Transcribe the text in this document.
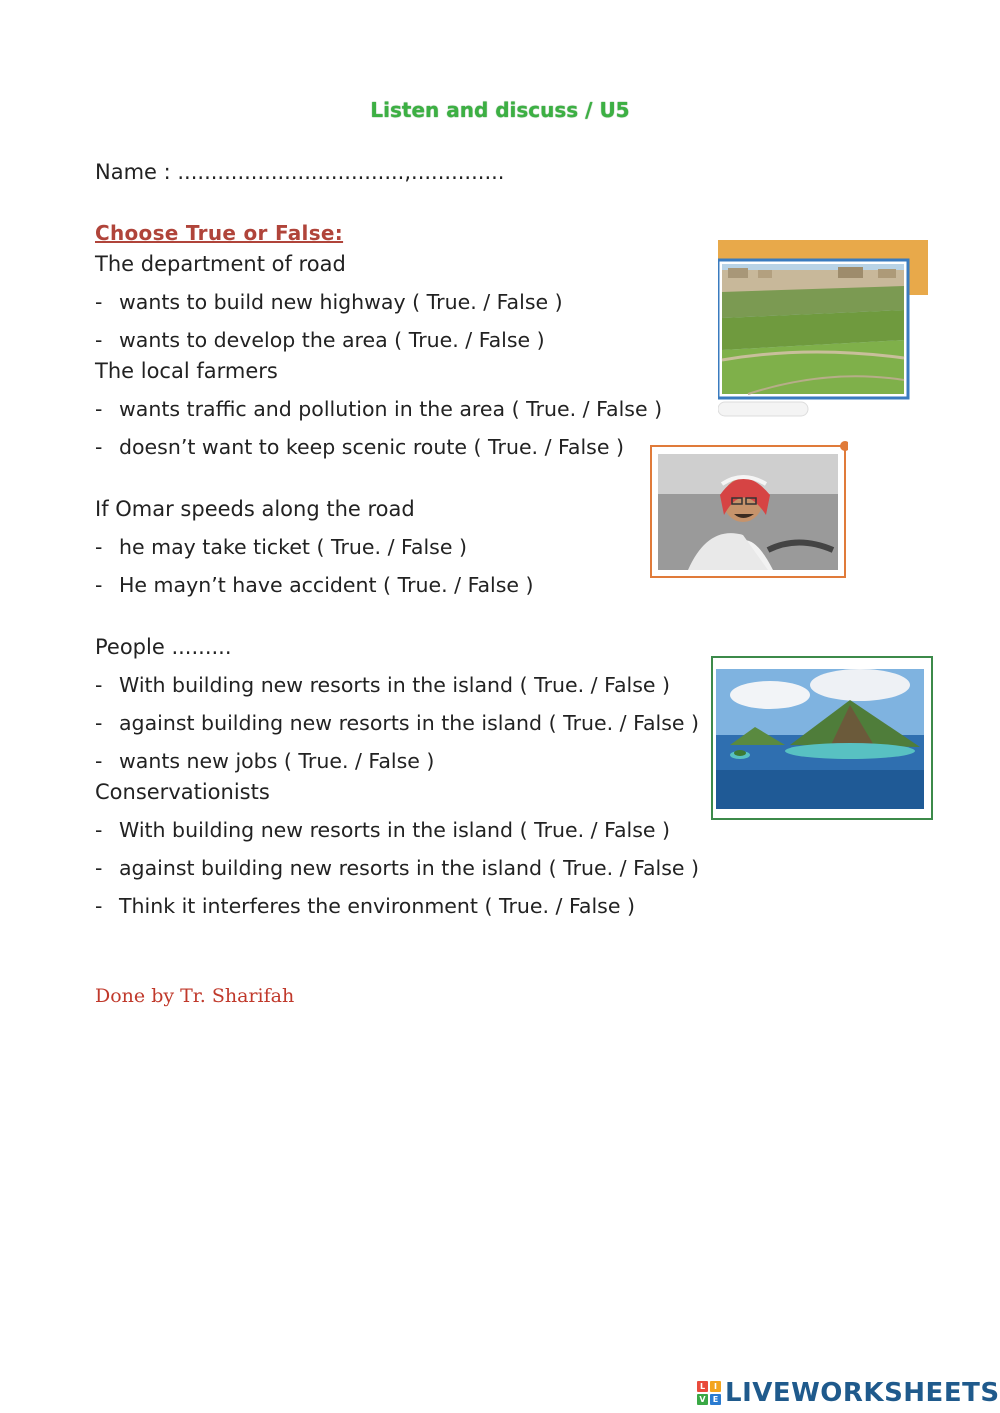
Listen and discuss / U5
Name : ..................................,..............
Choose True or False:
The department of road
- wants to build new highway ( True. / False )
- wants to develop the area ( True. / False )
The local farmers
- wants traffic and pollution in the area ( True. / False )
- doesn’t want to keep scenic route ( True. / False )
If Omar speeds along the road
- he may take ticket ( True. / False )
- He mayn’t have accident ( True. / False )
People .........
- With building new resorts in the island ( True. / False )
- against building new resorts in the island ( True. / False )
- wants new jobs ( True. / False )
Conservationists
- With building new resorts in the island ( True. / False )
- against building new resorts in the island ( True. / False )
- Think it interferes the environment ( True. / False )
Done by Tr. Sharifah
L	I
V E LIVEWORKSHEETS
